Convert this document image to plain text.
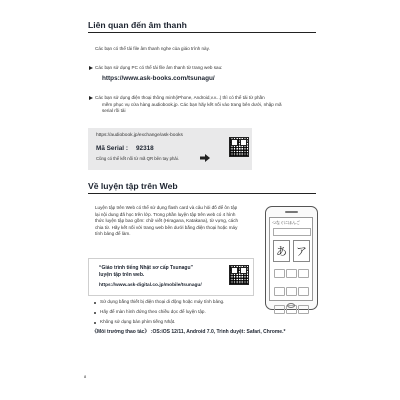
Liên quan đến âm thanh
Các bạn có thể tải file âm thanh nghe của giáo trình này.
Các bạn sử dụng PC có thể tải file âm thanh từ trang web sau:
https://www.ask-books.com/tsunagu/
Các bạn sử dụng điện thoại thông minh(iPhone, Android,v.v...) thì có thể tải từ phần
mềm phục vụ cửa hàng audiobook.jp. Các bạn hãy kết nối vào trang bên dưới, nhập mã
serial rồi tải
https://audiobook.jp/exchange/ask-books
Mã Serial : 92318
Cũng có thể kết nối từ mã QR bên tay phải.
Về luyện tập trên Web
Luyện tập trên Web có thể sử dụng flash card và câu hỏi đố để ôn tập
lại nội dung đã học trên lớp. Trong phần luyện tập trên web có 4 hình
thức luyện tập bao gồm: chữ viết (Hiragana, Katakana), từ vựng, cách
chia từ. Hãy kết nối với trang web bên dưới bằng điện thoại hoặc máy
tính bảng để làm.
“Giáo trình tiếng Nhật sơ cấp Tsunagu”
luyện tập trên web.
https://www.ask-digital.co.jp/mobile/tsunagu/
つなぐにほんご
あ ア

Sử dụng bằng thiết bị điện thoại di động hoặc máy tính bảng.
Hãy để màn hình đứng theo chiều dọc để luyện tập.
Không sử dụng bàn phím tiếng Nhật.
《Môi trường thao tác》 :OS:iOS 12/11, Android 7.0, Trình duyệt: Safari, Chrome.*
8
